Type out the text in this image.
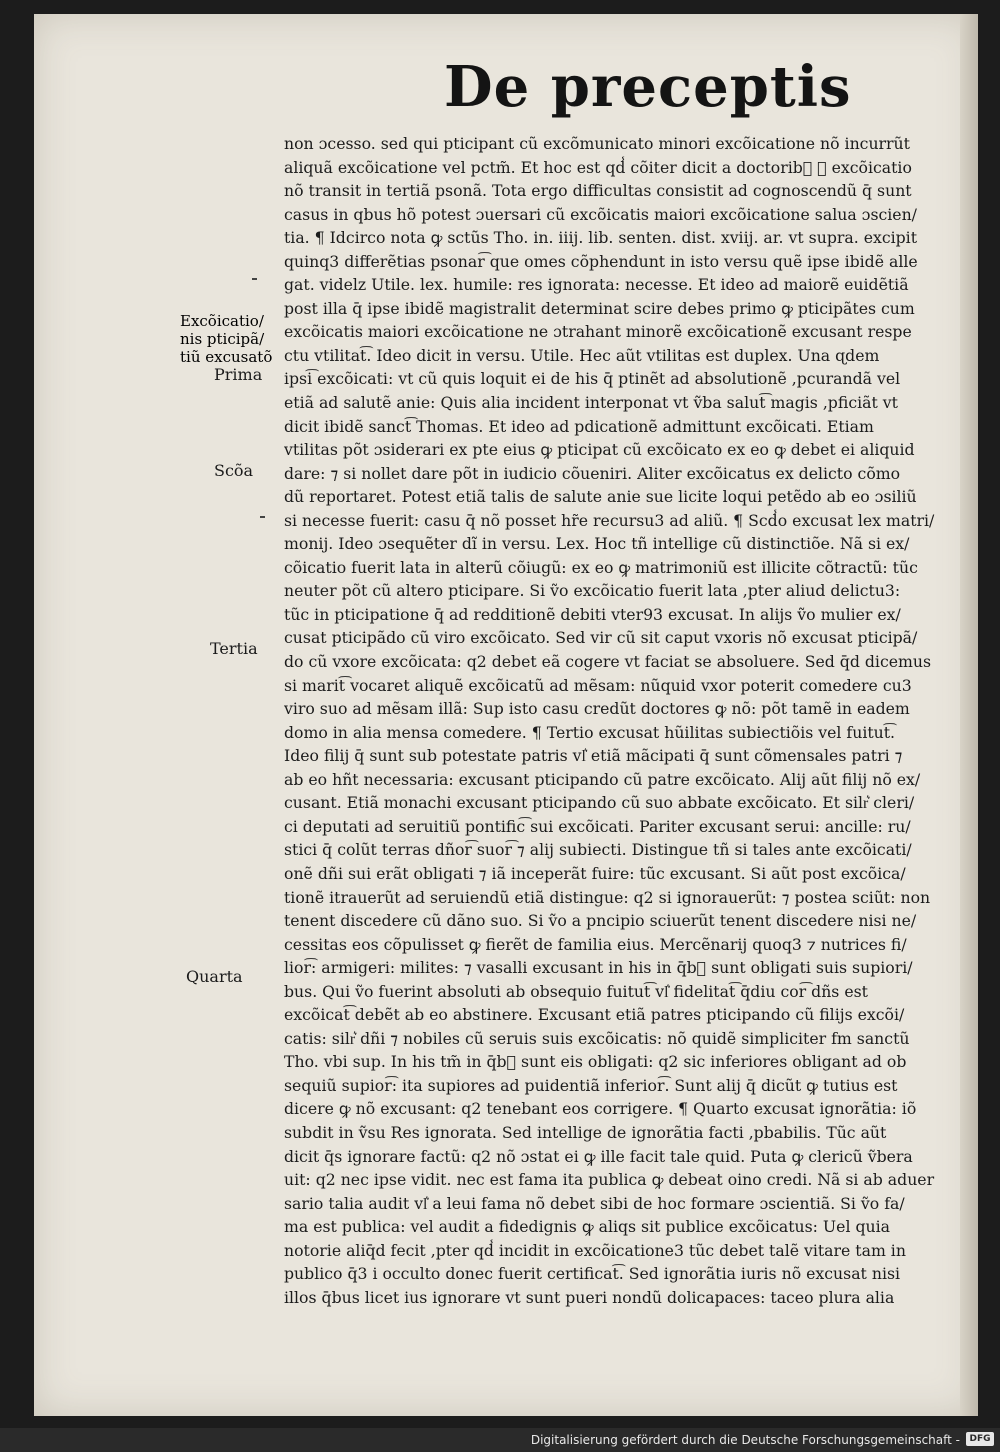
De preceptis
Excõicatio/
nis pticipã/
tiũ excusatõ
Prima
Scõa
Tertia
Quarta
non ɔcesso. sed qui pticipant cũ excõmunicato minori excõicatione nõ incurrũt
aliquã excõicatione vel pctm̃. Et hoc est qd̾ cõiter dicit a doctorib᷑ ꝙ excõicatio
nõ transit in tertiã psonã. Tota ergo difficultas consistit ad cognoscendũ q̄ sunt
casus in qbus hõ potest ɔuersari cũ excõicatis maiori excõicatione salua ɔscien/
tia. ¶ Idcirco nota ꝙ sctũs Tho. in. iiij. lib. senten. dist. xviij. ar. vt supra. excipit
quinq3 differẽtias psonar͡ que omes cõphendunt in isto versu quẽ ipse ibidẽ alle
gat. videlz Utile. lex. humile: res ignorata: necesse. Et ideo ad maiorẽ euidẽtiã
post illa q̄ ipse ibidẽ magistralit determinat scire debes primo ꝙ pticipãtes cum
excõicatis maiori excõicatione ne ɔtrahant minorẽ excõicationẽ excusant respe
ctu vtilitat͡. Ideo dicit in versu. Utile. Hec aũt vtilitas est duplex. Una ɋdem
ipsi͡ excõicati: vt cũ quis loquit ei de his q̄ ptinẽt ad absolutionẽ ,pcurandã vel
etiã ad salutẽ anie: Quis alia incident interponat vt ṽba salut͡ magis ,pficiãt vt
dicit ibidẽ sanct͡ Thomas. Et ideo ad pdicationẽ admittunt excõicati. Etiam
vtilitas põt ɔsiderari ex pte eius ꝙ pticipat cũ excõicato ex eo ꝙ debet ei aliquid
dare: ⁊ si nollet dare põt in iudicio cõueniri. Aliter excõicatus ex delicto cõmo
dũ reportaret. Potest etiã talis de salute anie sue licite loqui petẽdo ab eo ɔsiliũ
si necesse fuerit: casu q̄ nõ posset hr̃e recursu3 ad aliũ. ¶ Scd̾o excusat lex matri/
monij. Ideo ɔsequẽter dĩ in versu. Lex. Hoc tñ intellige cũ distinctiõe. Nã si ex/
cõicatio fuerit lata in alterũ cõiugũ: ex eo ꝙ matrimoniũ est illicite cõtractũ: tũc
neuter põt cũ altero pticipare. Si ṽo excõicatio fuerit lata ,pter aliud delictu3:
tũc in pticipatione q̄ ad redditionẽ debiti vter93 excusat. In alijs ṽo mulier ex/
cusat pticipãdo cũ viro excõicato. Sed vir cũ sit caput vxoris nõ excusat pticipã/
do cũ vxore excõicata: q2 debet eã cogere vt faciat se absoluere. Sed q̄d dicemus
si marit͡ vocaret aliquẽ excõicatũ ad mẽsam: nũquid vxor poterit comedere cu3
viro suo ad mẽsam illã: Sup isto casu credũt doctores ꝙ nõ: põt tamẽ in eadem
domo in alia mensa comedere. ¶ Tertio excusat hũilitas subiectiõis vel fuitut͡.
Ideo filij q̄ sunt sub potestate patris vl͛ etiã mãcipati q̄ sunt cõmensales patri ⁊
ab eo hñt necessaria: excusant pticipando cũ patre excõicato. Alij aũt filij nõ ex/
cusant. Etiã monachi excusant pticipando cũ suo abbate excõicato. Et silr͛ cleri/
ci deputati ad seruitiũ pontific͡ sui excõicati. Pariter excusant serui: ancille: ru/
stici q̄ colũt terras dñor͡ suor͡ ⁊ alij subiecti. Distingue tñ si tales ante excõicati/
onẽ dñi sui erãt obligati ⁊ iã inceperãt fuire: tũc excusant. Si aũt post excõica/
tionẽ itrauerũt ad seruiendũ etiã distingue: q2 si ignorauerũt: ⁊ postea sciũt: non
tenent discedere cũ dãno suo. Si ṽo a pncipio sciuerũt tenent discedere nisi ne/
cessitas eos cõpulisset ꝙ fierẽt de familia eius. Mercẽnarij quoq3 ⁊ nutrices fi/
lior͡: armigeri: milites: ⁊ vasalli excusant in his in q̄b᷑ sunt obligati suis supiori/
bus. Qui ṽo fuerint absoluti ab obsequio fuitut͡ vl͛ fidelitat͡ q̄diu cor͡ dñs est
excõicat͡ debẽt ab eo abstinere. Excusant etiã patres pticipando cũ filijs excõi/
catis: silr͛ dñi ⁊ nobiles cũ seruis suis excõicatis: nõ quidẽ simpliciter fm sanctũ
Tho. vbi sup. In his tm̃ in q̄b᷑ sunt eis obligati: q2 sic inferiores obligant ad ob
sequiũ supior͡: ita supiores ad puidentiã inferior͡. Sunt alij q̄ dicũt ꝙ tutius est
dicere ꝙ nõ excusant: q2 tenebant eos corrigere. ¶ Quarto excusat ignorãtia: iõ
subdit in ṽsu Res ignorata. Sed intellige de ignorãtia facti ,pbabilis. Tũc aũt
dicit q̄s ignorare factũ: q2 nõ ɔstat ei ꝙ ille facit tale quid. Puta ꝙ clericũ ṽbera
uit: q2 nec ipse vidit. nec est fama ita publica ꝙ debeat oino credi. Nã si ab aduer
sario talia audit vl͛ a leui fama nõ debet sibi de hoc formare ɔscientiã. Si ṽo fa/
ma est publica: vel audit a fidedignis ꝙ aliqs sit publice excõicatus: Uel quia
notorie aliq̄d fecit ,pter qd̾ incidit in excõicatione3 tũc debet talẽ vitare tam in
publico q̄3 i occulto donec fuerit certificat͡. Sed ignorãtia iuris nõ excusat nisi
illos q̄bus licet ius ignorare vt sunt pueri nondũ dolicapaces: taceo plura alia
Digitalisierung gefördert durch die Deutsche Forschungsgemeinschaft -	DFG
